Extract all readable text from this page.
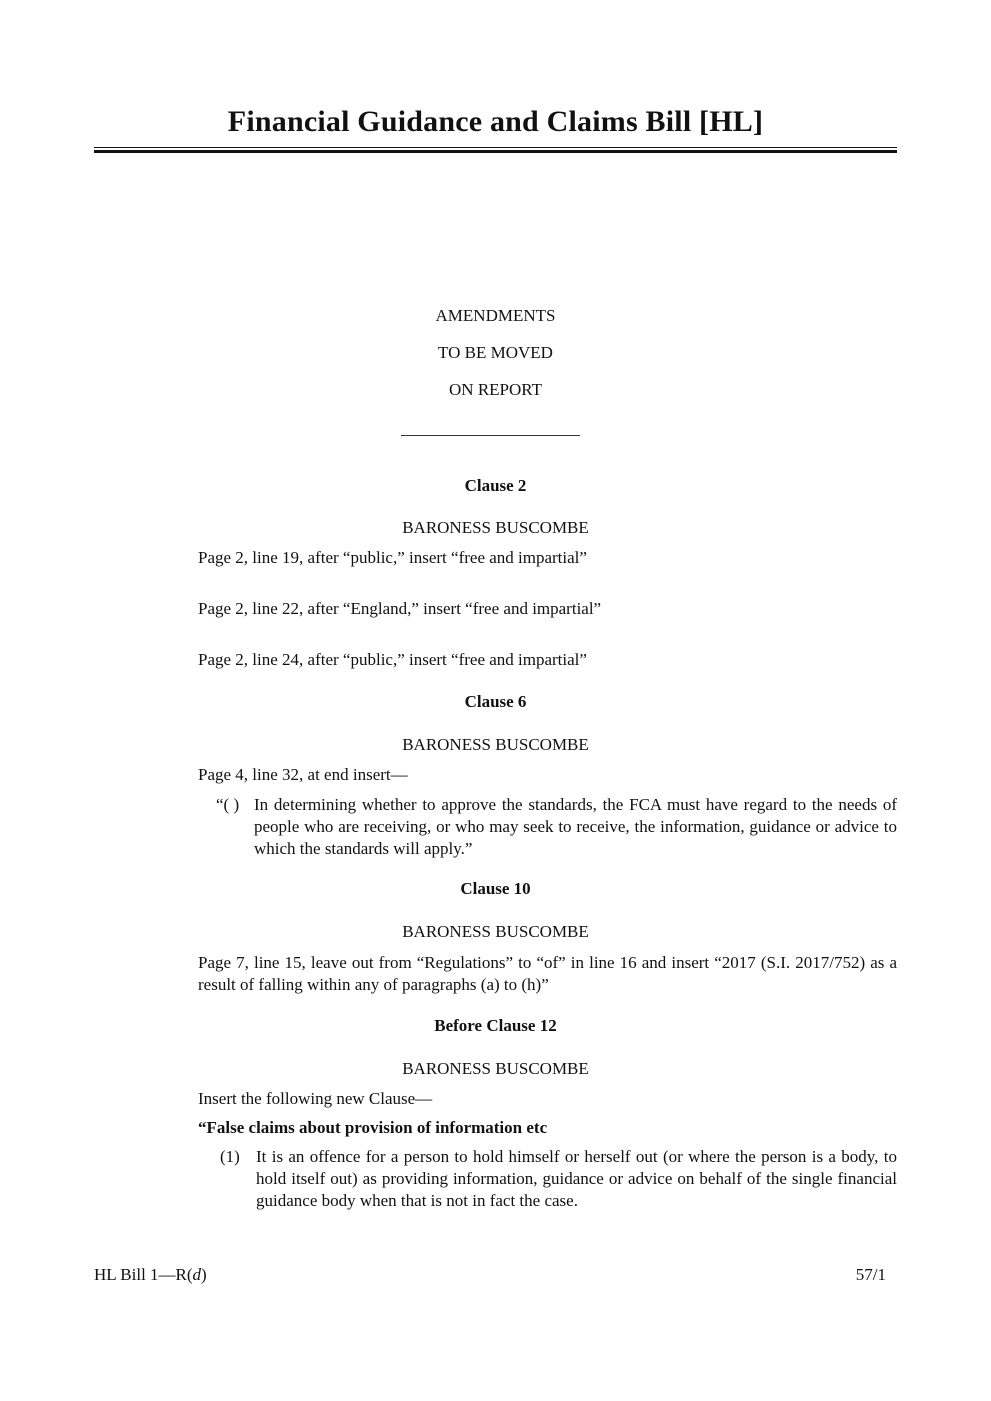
Financial Guidance and Claims Bill [HL]
AMENDMENTS
TO BE MOVED
ON REPORT
Clause 2
BARONESS BUSCOMBE
Page 2, line 19, after “public,” insert “free and impartial”
Page 2, line 22, after “England,” insert “free and impartial”
Page 2, line 24, after “public,” insert “free and impartial”
Clause 6
BARONESS BUSCOMBE
Page 4, line 32, at end insert—
“( ) In determining whether to approve the standards, the FCA must have regard to the needs of people who are receiving, or who may seek to receive, the information, guidance or advice to which the standards will apply.”
Clause 10
BARONESS BUSCOMBE
Page 7, line 15, leave out from “Regulations” to “of” in line 16 and insert “2017 (S.I. 2017/752) as a result of falling within any of paragraphs (a) to (h)”
Before Clause 12
BARONESS BUSCOMBE
Insert the following new Clause—
“False claims about provision of information etc
(1) It is an offence for a person to hold himself or herself out (or where the person is a body, to hold itself out) as providing information, guidance or advice on behalf of the single financial guidance body when that is not in fact the case.
HL Bill 1—R(d)	57/1
